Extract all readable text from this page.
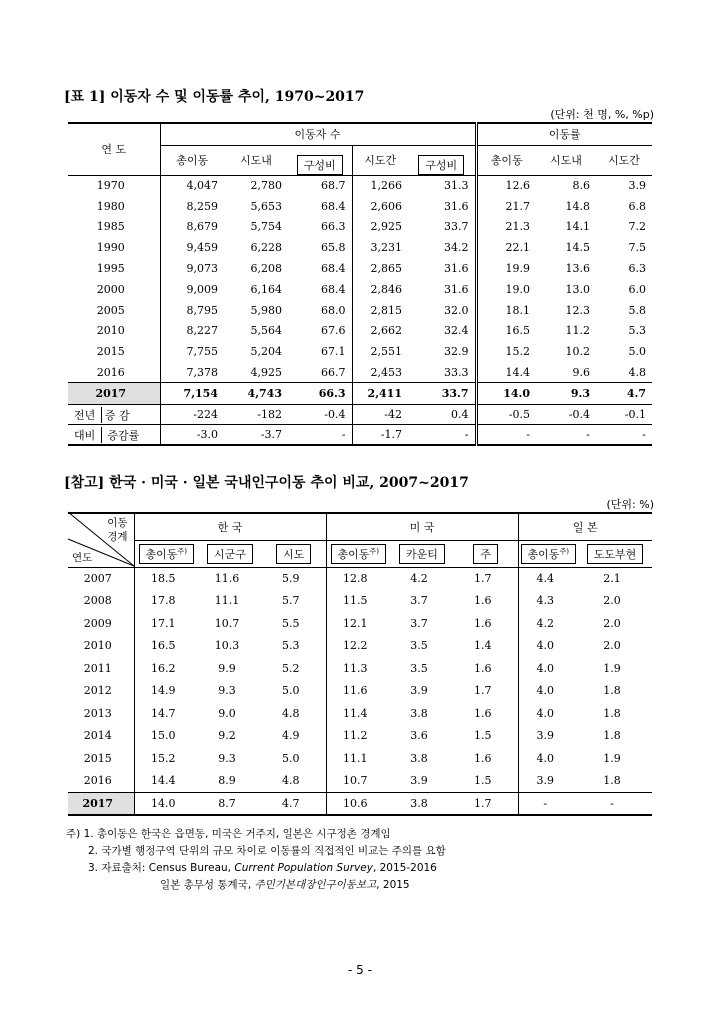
[표 1] 이동자 수 및 이동률 추이, 1970~2017
(단위: 천 명, %, %p)
연 도	이동자 수					이동률		
	총이동	시도내	구성비	시도간	구성비	총이동	시도내	시도간
1970	4,047	2,780	68.7	1,266	31.3	12.6	8.6	3.9
1980	8,259	5,653	68.4	2,606	31.6	21.7	14.8	6.8
1985	8,679	5,754	66.3	2,925	33.7	21.3	14.1	7.2
1990	9,459	6,228	65.8	3,231	34.2	22.1	14.5	7.5
1995	9,073	6,208	68.4	2,865	31.6	19.9	13.6	6.3
2000	9,009	6,164	68.4	2,846	31.6	19.0	13.0	6.0
2005	8,795	5,980	68.0	2,815	32.0	18.1	12.3	5.8
2010	8,227	5,564	67.6	2,662	32.4	16.5	11.2	5.3
2015	7,755	5,204	67.1	2,551	32.9	15.2	10.2	5.0
2016	7,378	4,925	66.7	2,453	33.3	14.4	9.6	4.8
2017	7,154	4,743	66.3	2,411	33.7	14.0	9.3	4.7
전년 증 감	-224	-182	-0.4	-42	0.4	-0.5	-0.4	-0.1
대비 증감률	-3.0	-3.7	-	-1.7	-	-	-	-
[참고] 한국 · 미국 · 일본 국내인구이동 추이 비교, 2007~2017
(단위: %)
이동
경계
연도	한 국			미 국			일 본	
	총이동$^{주)}$	시군구	시도	총이동$^{주)}$	카운티	주	총이동$^{주)}$	도도부현
2007	18.5	11.6	5.9	12.8	4.2	1.7	4.4	2.1
2008	17.8	11.1	5.7	11.5	3.7	1.6	4.3	2.0
2009	17.1	10.7	5.5	12.1	3.7	1.6	4.2	2.0
2010	16.5	10.3	5.3	12.2	3.5	1.4	4.0	2.0
2011	16.2	9.9	5.2	11.3	3.5	1.6	4.0	1.9
2012	14.9	9.3	5.0	11.6	3.9	1.7	4.0	1.8
2013	14.7	9.0	4.8	11.4	3.8	1.6	4.0	1.8
2014	15.0	9.2	4.9	11.2	3.6	1.5	3.9	1.8
2015	15.2	9.3	5.0	11.1	3.8	1.6	4.0	1.9
2016	14.4	8.9	4.8	10.7	3.9	1.5	3.9	1.8
2017	14.0	8.7	4.7	10.6	3.8	1.7	-	-
주) 1. 총이동은 한국은 읍면동, 미국은 거주지, 일본은 시구정촌 경계임
2. 국가별 행정구역 단위의 규모 차이로 이동률의 직접적인 비교는 주의를 요함
3. 자료출처: Census Bureau, Current Population Survey, 2015-2016
일본 총무성 통계국, 주민기본대장인구이동보고, 2015
- 5 -
